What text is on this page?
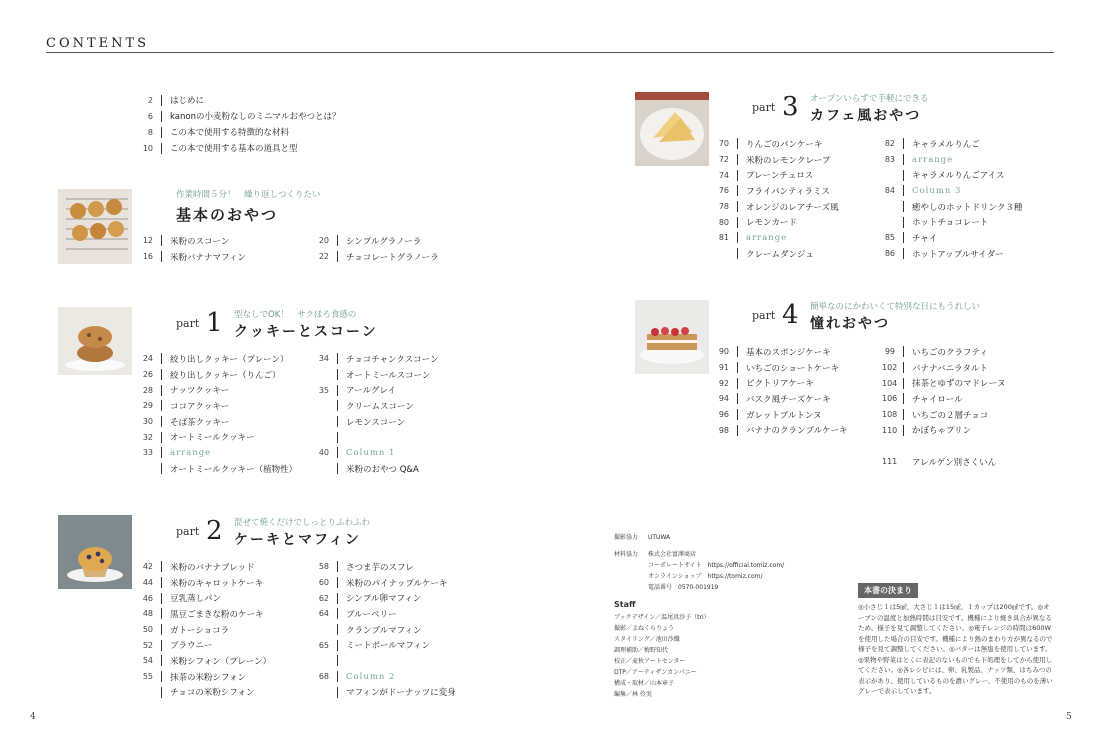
CONTENTS
2	はじめに
6	kanonの小麦粉なしのミニマルおやつとは？
8	この本で使用する特徴的な材料
10	この本で使用する基本の道具と型
作業時間５分！　繰り返しつくりたい
基本のおやつ
12	米粉のスコーン
16	米粉バナナマフィン
20	シンプルグラノーラ
22	チョコレートグラノーラ
part 1 型なしでOK！　サクほろ食感の
クッキーとスコーン
24	絞り出しクッキー（プレーン）
26	絞り出しクッキー（りんご）
28	ナッツクッキー
29	ココアクッキー
30	そば茶クッキー
32	オートミールクッキー
33	arrange
オートミールクッキー（植物性）
34	チョコチャンクスコーン
オートミールスコーン
35	アールグレイ
クリームスコーン
レモンスコーン
40	Column 1
米粉のおやつ Q&A
part 2 混ぜて焼くだけでしっとりふわふわ
ケーキとマフィン
42	米粉のバナナブレッド
44	米粉のキャロットケーキ
46	豆乳蒸しパン
48	黒豆ごまきな粉のケーキ
50	ガトーショコラ
52	ブラウニー
54	米粉シフォン（プレーン）
55	抹茶の米粉シフォン
チョコの米粉シフォン
58	さつま芋のスフレ
60	米粉のパイナップルケーキ
62	シンプル卵マフィン
64	ブルーベリー
クランブルマフィン
65	ミートボールマフィン
68	Column 2
マフィンがドーナッツに変身
part 3 オーブンいらずで手軽にできる
カフェ風おやつ
70	りんごのパンケーキ
72	米粉のレモンクレープ
74	プレーンチュロス
76	フライパンティラミス
78	オレンジのレアチーズ風
80	レモンカード
81	arrange
クレームダンジュ
82	キャラメルりんご
83	arrange
キャラメルりんごアイス
84	Column 3
癒やしのホットドリンク３種
ホットチョコレート
85	チャイ
86	ホットアップルサイダー
part 4 簡単なのにかわいくて特別な日にもうれしい
憧れおやつ
90	基本のスポンジケーキ
91	いちごのショートケーキ
92	ビクトリアケーキ
94	バスク風チーズケーキ
96	ガレットブルトンヌ
98	バナナのクランブルケーキ
99	いちごのクラフティ
102	バナナバニラタルト
104	抹茶とゆずのマドレーヌ
106	チャイロール
108	いちごの２層チョコ
110	かぼちゃプリン
111	アレルゲン別さくいん
撮影協力 UTUWA
材料協力	株式会社富澤商店
コーポレートサイト　https://official.tomiz.com/
オンラインショップ　https://tomiz.com/
電話番号　0570-001919
Staff
ブックデザイン／温尾真沙子（tri）
撮影／よねくらりょう
スタイリング／池田沙織
調理補助／梅野知代
校正／麦秋アートセンター
DTP／アーティザンカンパニー
構成・取材／山本章子
編集／林 伶実
本書の決まり
◎小さじ１は5㎖、大さじ１は15㎖、１カップは200㎖です。◎オーブンの温度と加熱時間は目安です。機種により焼き具合が異なるため、様子を見て調整してください。◎電子レンジの時間は600Wを使用した場合の目安です。機種により熱のまわり方が異なるので様子を見て調整してください。◎バターは無塩を使用しています。◎果物や野菜はとくに表記のないものでも下処理をしてから使用してください。◎各レシピには、卵、乳製品、ナッツ類、はちみつの表示があり、使用しているものを濃いグレー、不使用のものを薄いグレーで表示しています。
4	5
